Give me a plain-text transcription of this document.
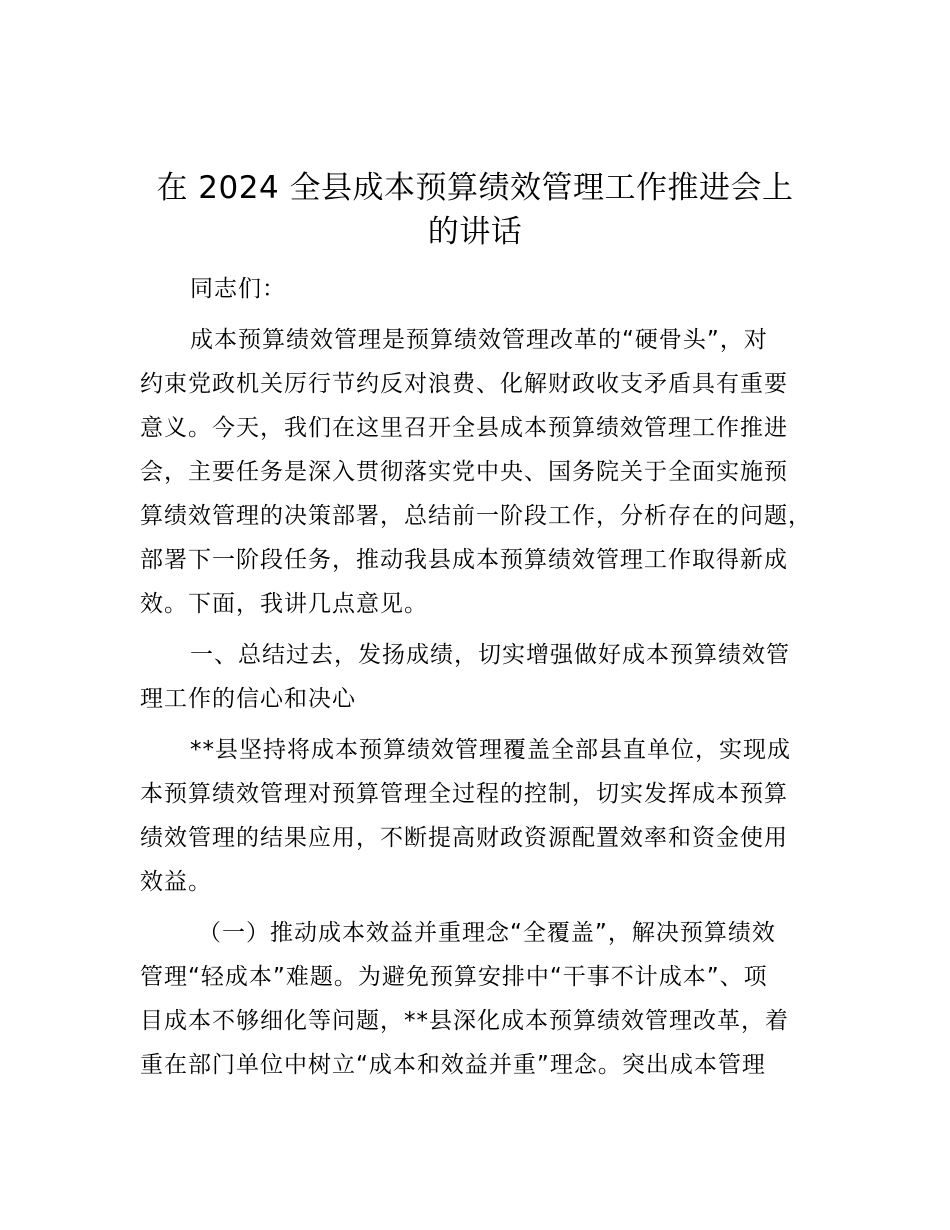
在 2024 全县成本预算绩效管理工作推进会上
的讲话
同志们：
成本预算绩效管理是预算绩效管理改革的“硬骨头”，对
约束党政机关厉行节约反对浪费、化解财政收支矛盾具有重要
意义。今天，我们在这里召开全县成本预算绩效管理工作推进
会，主要任务是深入贯彻落实党中央、国务院关于全面实施预
算绩效管理的决策部署，总结前一阶段工作，分析存在的问题，
部署下一阶段任务，推动我县成本预算绩效管理工作取得新成
效。下面，我讲几点意见。
一、总结过去，发扬成绩，切实增强做好成本预算绩效管
理工作的信心和决心
**县坚持将成本预算绩效管理覆盖全部县直单位，实现成
本预算绩效管理对预算管理全过程的控制，切实发挥成本预算
绩效管理的结果应用，不断提高财政资源配置效率和资金使用
效益。
（一）推动成本效益并重理念“全覆盖”，解决预算绩效
管理“轻成本”难题。为避免预算安排中“干事不计成本”、项
目成本不够细化等问题，**县深化成本预算绩效管理改革，着
重在部门单位中树立“成本和效益并重”理念。突出成本管理
